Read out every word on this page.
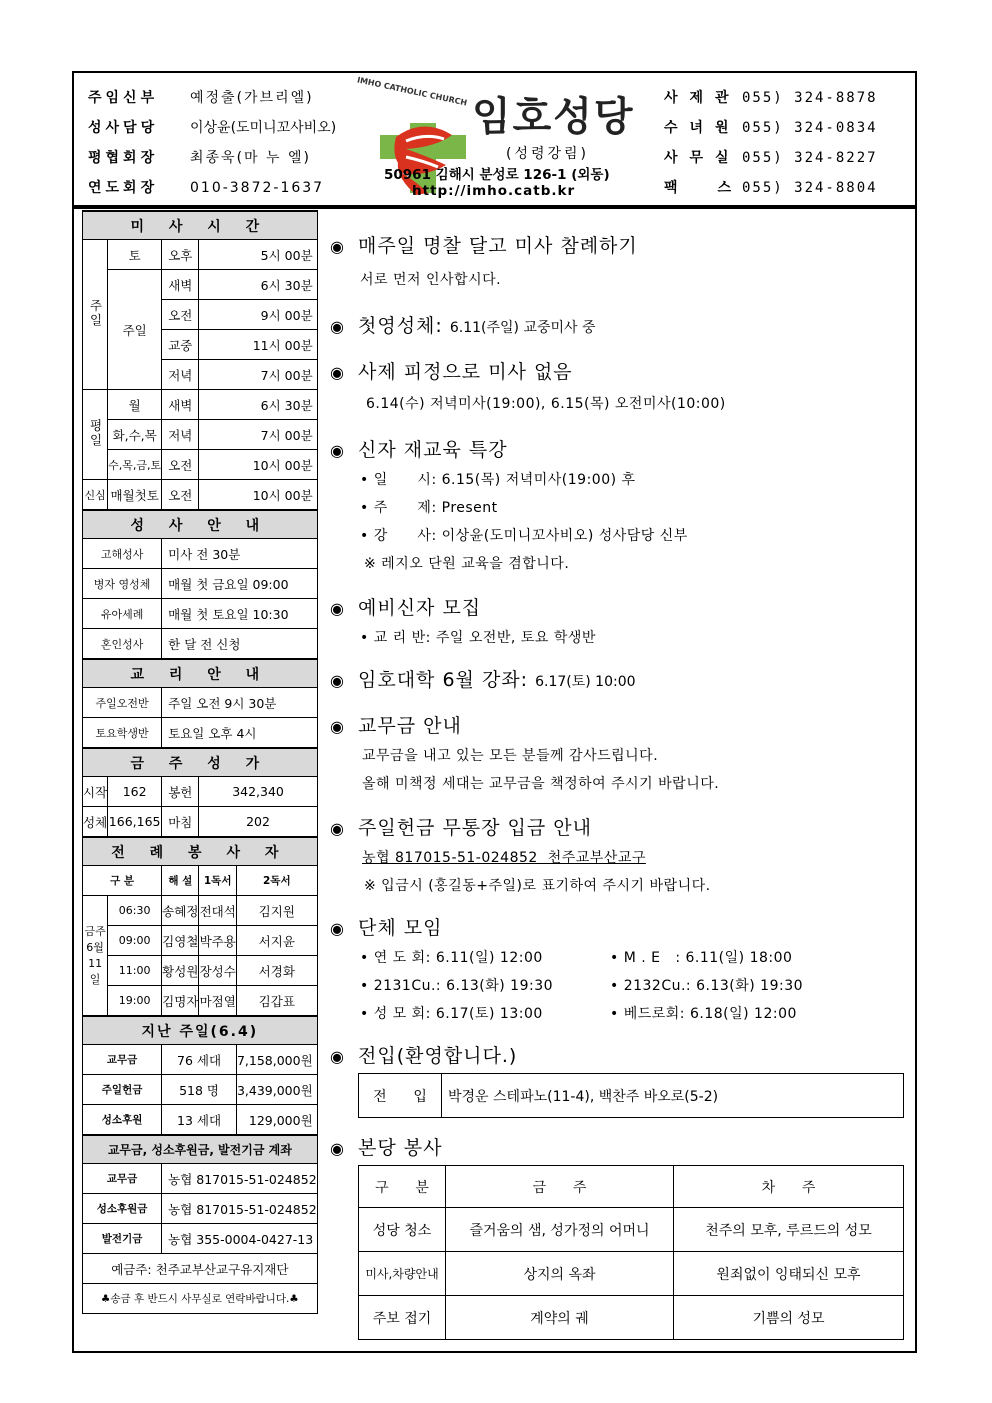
주임신부 예정출(가브리엘)
성사담당 이상윤(도미니꼬사비오)
평협회장 최종욱(마 누 엘)
연도회장 010-3872-1637
IMHO CATHOLIC CHURCH
임호성당
(성령강림)
50961 김해시 분성로 126-1 (외동)
http://imho.catb.kr
사제관055) 324-8878
수녀원055) 324-0834
사무실055) 324-8227
팩스055) 324-8804
미 사 시 간				
주일	토	오후	5시 00분	
	주일	새벽	6시 30분	
		오전	9시 00분	
		교중	11시 00분	
		저녁	7시 00분	
평일	월	새벽	6시 30분	
	화,수,목	저녁	7시 00분	
	수,목,금,토	오전	10시 00분	
신심	매월첫토	오전	10시 00분	
성 사 안 내				
고해성사		미사 전 30분		
병자 영성체		매월 첫 금요일 09:00		
유아세례		매월 첫 토요일 10:30		
혼인성사		한 달 전 신청		
교 리 안 내				
주일오전반		주일 오전 9시 30분		
토요학생반		토요일 오후 4시		
금 주 성 가				
시작	162	봉헌	342,340	
성체	166,165	마침	202	
전 례 봉 사 자				
구 분		해 설	1독서	2독서
금주 6월 11일	06:30	송혜정	전대석	김지원
	09:00	김영철	박주용	서지윤
	11:00	황성원	장성수	서경화
	19:00	김명자	마점열	김갑표
지난 주일(6.4)				
교무금		76 세대		7,158,000원
주일헌금		518 명		3,439,000원
성소후원		13 세대		129,000원
교무금, 성소후원금, 발전기금 계좌				
교무금		농협 817015-51-024852		
성소후원금		농협 817015-51-024852		
발전기금		농협 355-0004-0427-13		
예금주: 천주교부산교구유지재단				
♣송금 후 반드시 사무실로 연락바랍니다.♣				
◉ 매주일 명찰 달고 미사 참례하기
서로 먼저 인사합시다.
◉ 첫영성체: 6.11(주일) 교중미사 중
◉ 사제 피정으로 미사 없음
6.14(수) 저녁미사(19:00), 6.15(목) 오전미사(10:00)
◉ 신자 재교육 특강
• 일      시: 6.15(목) 저녁미사(19:00) 후
• 주      제: Present
• 강      사: 이상윤(도미니꼬사비오) 성사담당 신부
※ 레지오 단원 교육을 겸합니다.
◉ 예비신자 모집
• 교 리 반: 주일 오전반, 토요 학생반
◉ 임호대학 6월 강좌: 6.17(토) 10:00
◉ 교무금 안내
교무금을 내고 있는 모든 분들께 감사드립니다.
올해 미책정 세대는 교무금을 책정하여 주시기 바랍니다.
◉ 주일헌금 무통장 입금 안내
농협 817015-51-024852  천주교부산교구
※ 입금시 (홍길동+주일)로 표기하여 주시기 바랍니다.
◉ 단체 모임
• 연 도 회: 6.11(일) 12:00	• M . E   : 6.11(일) 18:00
• 2131Cu.: 6.13(화) 19:30	• 2132Cu.: 6.13(화) 19:30
• 성 모 회: 6.17(토) 13:00	• 베드로회: 6.18(일) 12:00
◉ 전입(환영합니다.)
전      입	박경운 스테파노(11-4), 백찬주 바오로(5-2)
◉ 본당 봉사
구      분	금      주	차      주
성당 청소	즐거움의 샘, 성가정의 어머니	천주의 모후, 루르드의 성모
미사,차량안내	상지의 옥좌	원죄없이 잉태되신 모후
주보 접기	계약의 궤	기쁨의 성모
